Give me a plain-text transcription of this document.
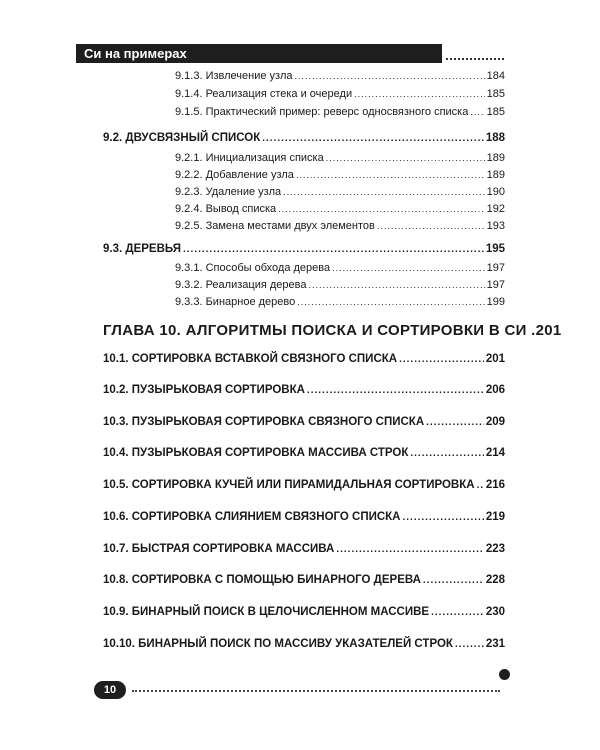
Си на примерах
9.1.3. Извлечение узла .....	184
9.1.4. Реализация стека и очереди .....	185
9.1.5. Практический пример: реверс односвязного списка ..... 185
9.2. ДВУСВЯЗНЫЙ СПИСОК .....	188
9.2.1. Инициализация списка .....	189
9.2.2. Добавление узла .....	189
9.2.3. Удаление узла .....	190
9.2.4. Вывод списка .....	192
9.2.5. Замена местами двух элементов .....	193
9.3. ДЕРЕВЬЯ .....	195
9.3.1. Способы обхода дерева .....	197
9.3.2. Реализация дерева .....	197
9.3.3. Бинарное дерево .....	199
ГЛАВА 10. АЛГОРИТМЫ ПОИСКА И СОРТИРОВКИ В СИ . 201
10.1. СОРТИРОВКА ВСТАВКОЙ СВЯЗНОГО СПИСКА .....	201
10.2. ПУЗЫРЬКОВАЯ СОРТИРОВКА .....	206
10.3. ПУЗЫРЬКОВАЯ СОРТИРОВКА СВЯЗНОГО СПИСКА .....	209
10.4. ПУЗЫРЬКОВАЯ СОРТИРОВКА МАССИВА СТРОК .....	214
10.5. СОРТИРОВКА КУЧЕЙ ИЛИ ПИРАМИДАЛЬНАЯ СОРТИРОВКА ..... 216
10.6. СОРТИРОВКА СЛИЯНИЕМ СВЯЗНОГО СПИСКА .....	219
10.7. БЫСТРАЯ СОРТИРОВКА МАССИВА .....	223
10.8. СОРТИРОВКА С ПОМОЩЬЮ БИНАРНОГО ДЕРЕВА .....	228
10.9. БИНАРНЫЙ ПОИСК В ЦЕЛОЧИСЛЕННОМ МАССИВЕ .....	230
10.10. БИНАРНЫЙ ПОИСК ПО МАССИВУ УКАЗАТЕЛЕЙ СТРОК .....	231
10
